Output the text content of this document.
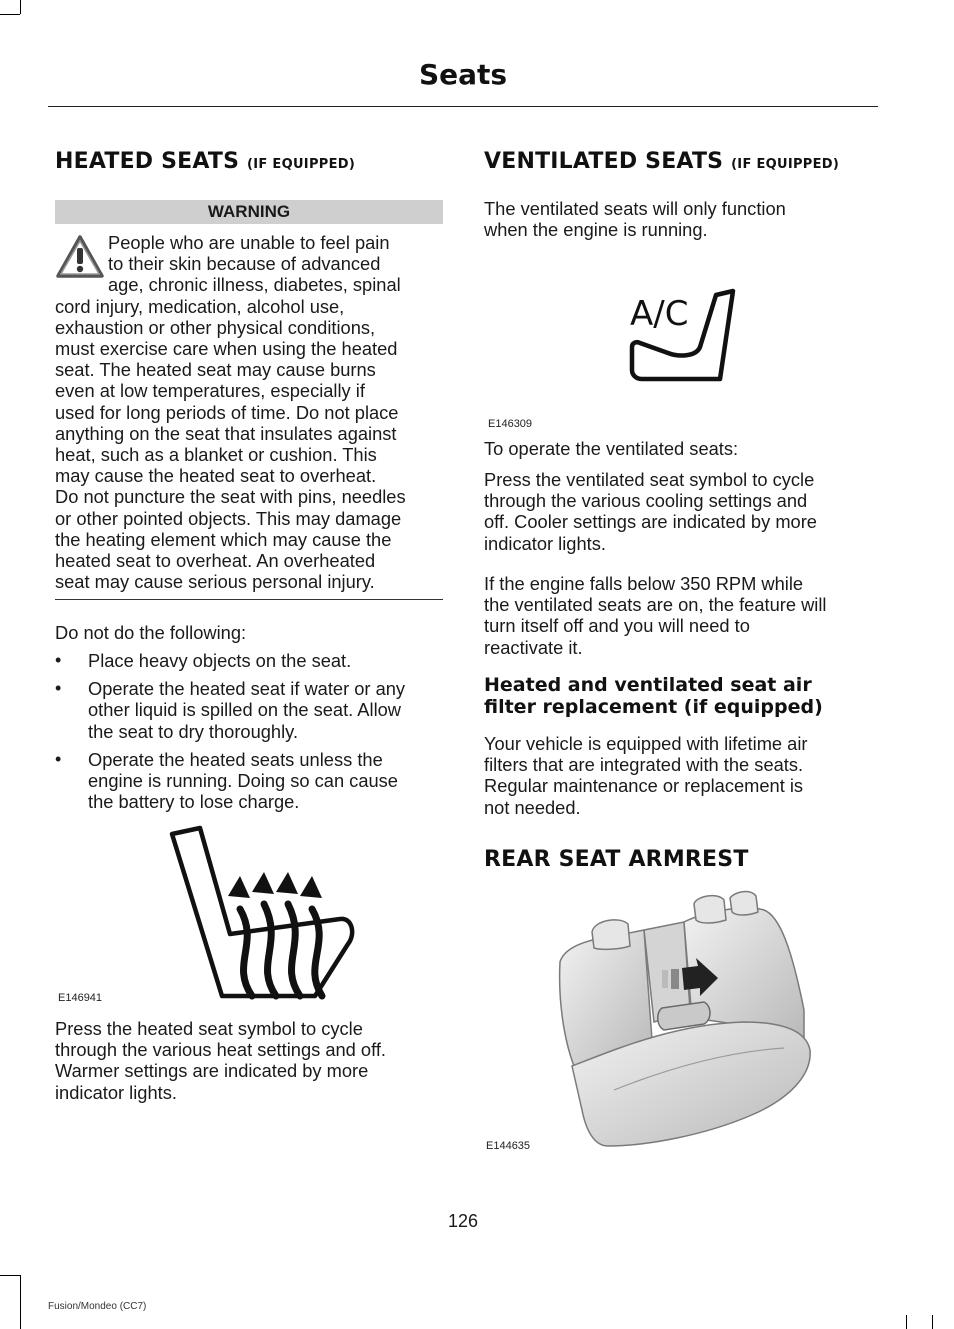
Seats
HEATED SEATS (IF EQUIPPED)
WARNING
People who are unable to feel pain
to their skin because of advanced
age, chronic illness, diabetes, spinal
cord injury, medication, alcohol use,
exhaustion or other physical conditions,
must exercise care when using the heated
seat. The heated seat may cause burns
even at low temperatures, especially if
used for long periods of time. Do not place
anything on the seat that insulates against
heat, such as a blanket or cushion. This
may cause the heated seat to overheat.
Do not puncture the seat with pins, needles
or other pointed objects. This may damage
the heating element which may cause the
heated seat to overheat. An overheated
seat may cause serious personal injury.
Do not do the following:
• Place heavy objects on the seat.
• Operate the heated seat if water or any
other liquid is spilled on the seat. Allow
the seat to dry thoroughly.
• Operate the heated seats unless the
engine is running. Doing so can cause
the battery to lose charge.
E146941
Press the heated seat symbol to cycle
through the various heat settings and off.
Warmer settings are indicated by more
indicator lights.
VENTILATED SEATS (IF EQUIPPED)
The ventilated seats will only function
when the engine is running.
A/C
E146309
To operate the ventilated seats:
Press the ventilated seat symbol to cycle
through the various cooling settings and
off. Cooler settings are indicated by more
indicator lights.
If the engine falls below 350 RPM while
the ventilated seats are on, the feature will
turn itself off and you will need to
reactivate it.
Heated and ventilated seat air
filter replacement (if equipped)
Your vehicle is equipped with lifetime air
filters that are integrated with the seats.
Regular maintenance or replacement is
not needed.
REAR SEAT ARMREST
E144635
126
Fusion/Mondeo (CC7)
